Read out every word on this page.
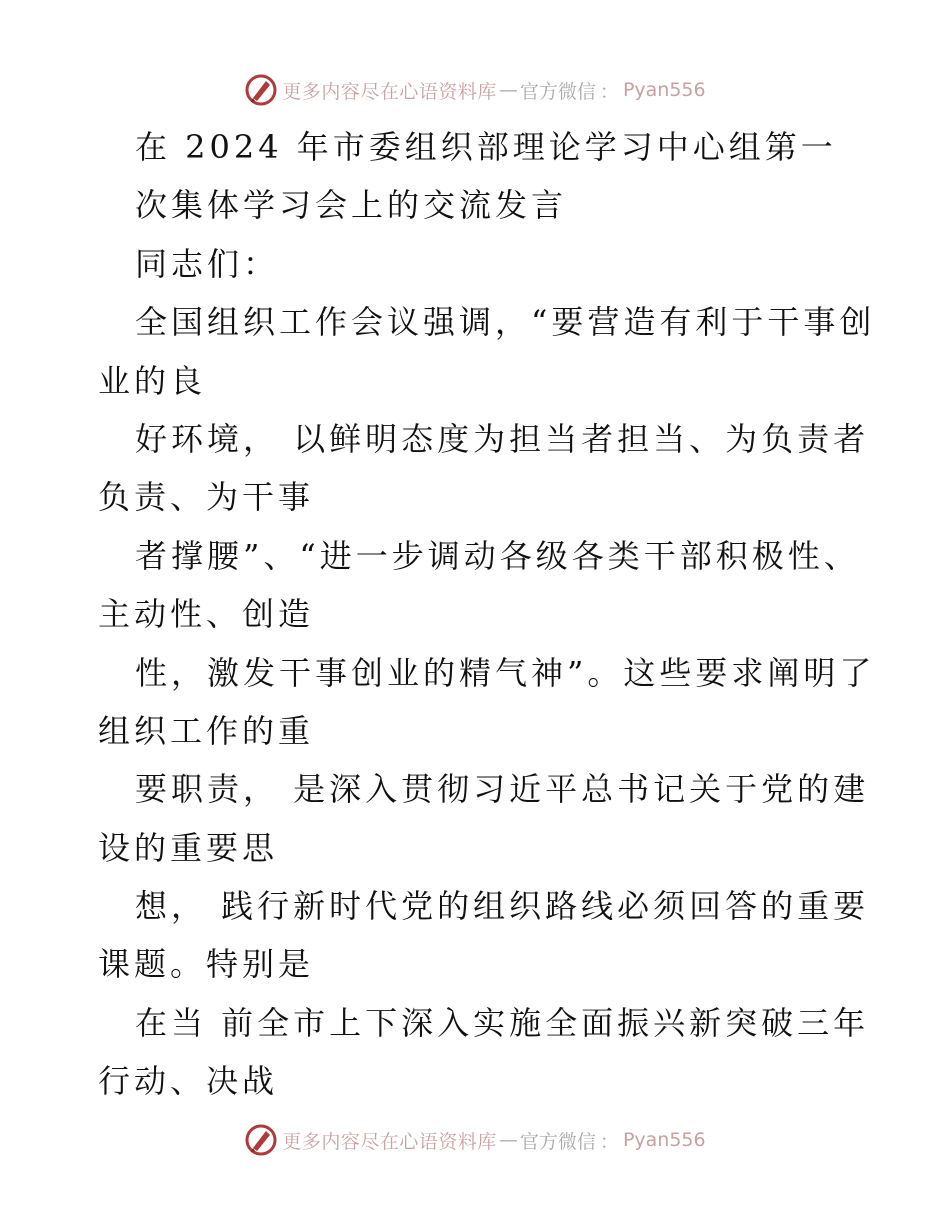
更多内容尽在心语资料库 — 官方微信 ： Pyan556
在 2024 年市委组织部理论学习中心组第一
次集体学习会上的交流发言
同志们：
全国组织工作会议强调，“要营造有利于干事创
业的良
好环境， 以鲜明态度为担当者担当、为负责者
负责、为干事
者撑腰”、“进一步调动各级各类干部积极性、
主动性、创造
性，激发干事创业的精气神”。这些要求阐明了
组织工作的重
要职责， 是深入贯彻习近平总书记关于党的建
设的重要思
想， 践行新时代党的组织路线必须回答的重要
课题。特别是
在当 前全市上下深入实施全面振兴新突破三年
行动、决战
更多内容尽在心语资料库 — 官方微信 ： Pyan556
